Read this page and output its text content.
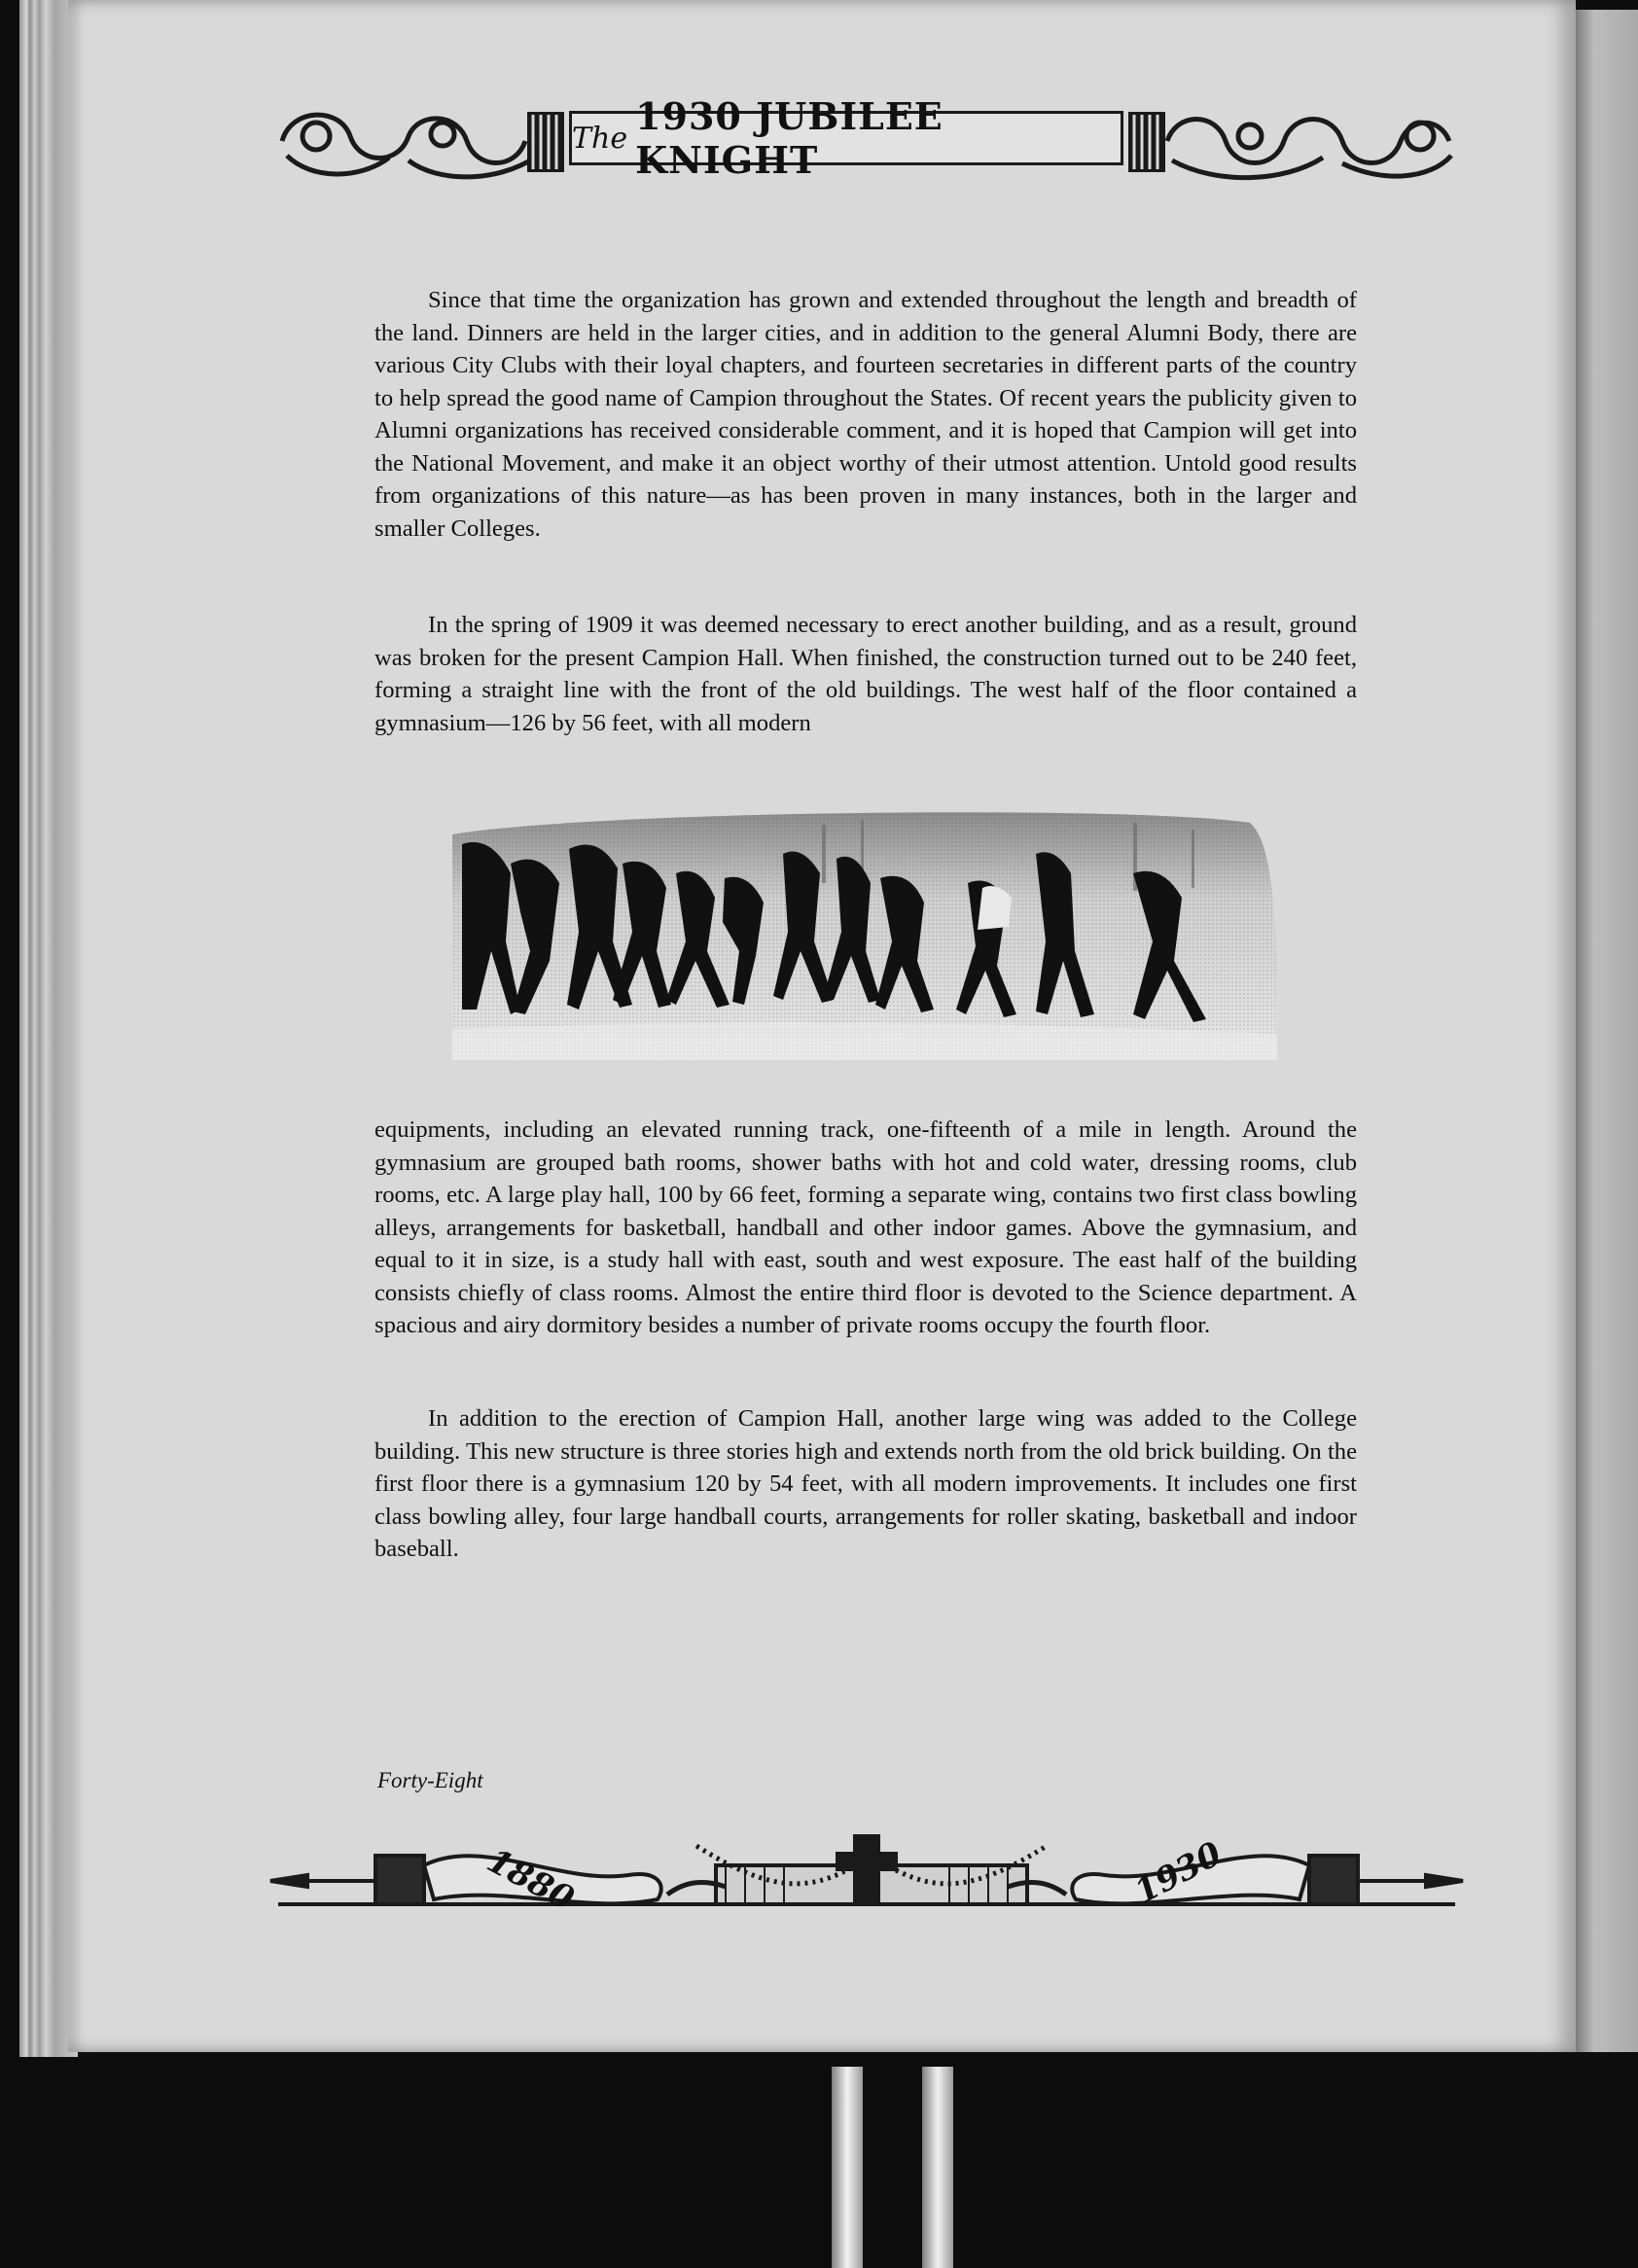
The 1930 JUBILEE KNIGHT

Since that time the organization has grown and extended throughout the length and breadth of the land. Dinners are held in the larger cities, and in addition to the general Alumni Body, there are various City Clubs with their loyal chapters, and fourteen secretaries in different parts of the country to help spread the good name of Campion throughout the States. Of recent years the publicity given to Alumni organizations has received considerable comment, and it is hoped that Campion will get into the National Movement, and make it an object worthy of their utmost attention. Untold good results from organizations of this nature—as has been proven in many instances, both in the larger and smaller Colleges.

In the spring of 1909 it was deemed necessary to erect another building, and as a result, ground was broken for the present Campion Hall. When finished, the construction turned out to be 240 feet, forming a straight line with the front of the old buildings. The west half of the floor contained a gymnasium—126 by 56 feet, with all modern

equipments, including an elevated running track, one-fifteenth of a mile in length. Around the gymnasium are grouped bath rooms, shower baths with hot and cold water, dressing rooms, club rooms, etc. A large play hall, 100 by 66 feet, forming a separate wing, contains two first class bowling alleys, arrangements for basketball, handball and other indoor games. Above the gymnasium, and equal to it in size, is a study hall with east, south and west exposure. The east half of the building consists chiefly of class rooms. Almost the entire third floor is devoted to the Science department. A spacious and airy dormitory besides a number of private rooms occupy the fourth floor.

In addition to the erection of Campion Hall, another large wing was added to the College building. This new structure is three stories high and extends north from the old brick building. On the first floor there is a gymnasium 120 by 54 feet, with all modern improvements. It includes one first class bowling alley, four large handball courts, arrangements for roller skating, basketball and indoor baseball.

Forty-Eight
1880	1930
